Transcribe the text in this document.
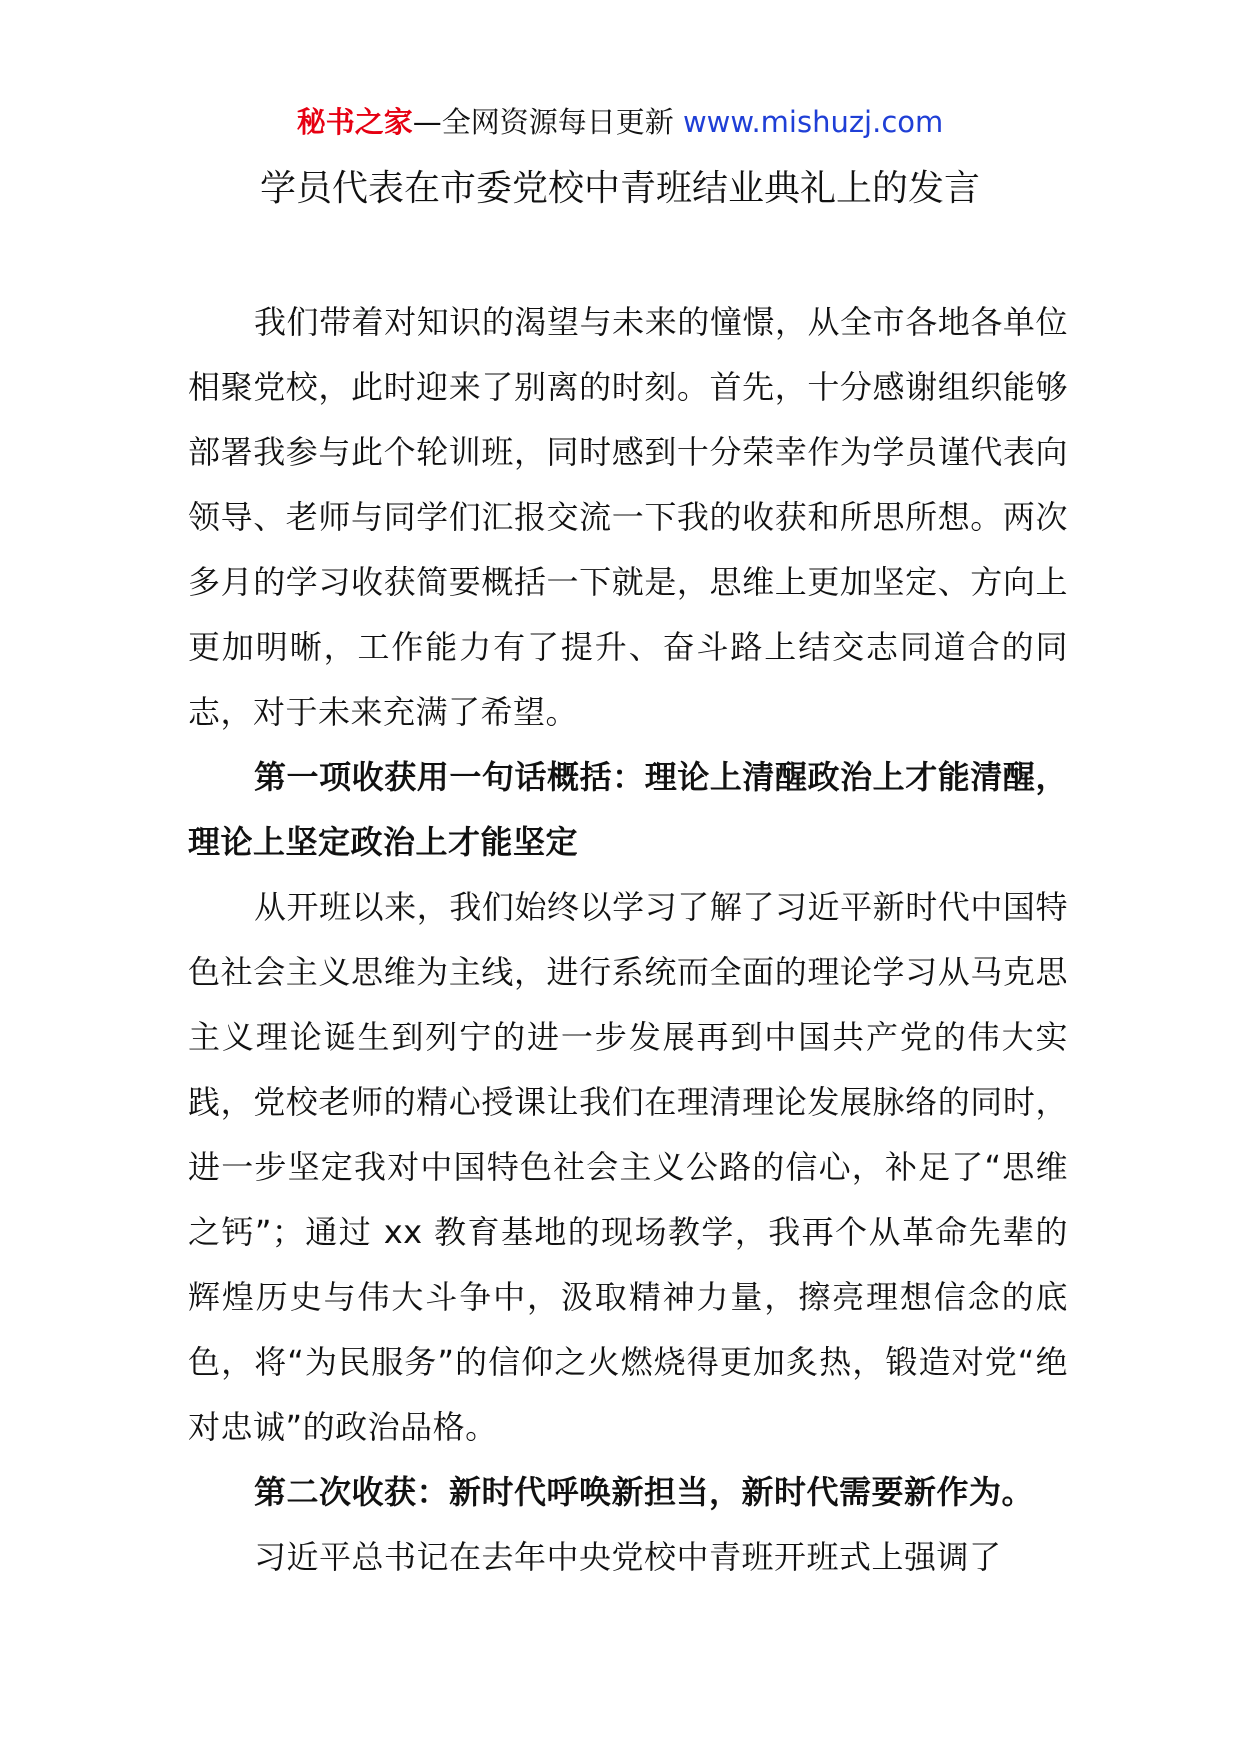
秘书之家—全网资源每日更新 www.mishuzj.com
学员代表在市委党校中青班结业典礼上的发言

我们带着对知识的渴望与未来的憧憬，从全市各地各单位相聚党校，此时迎来了别离的时刻。首先，十分感谢组织能够部署我参与此个轮训班，同时感到十分荣幸作为学员谨代表向领导、老师与同学们汇报交流一下我的收获和所思所想。两次多月的学习收获简要概括一下就是，思维上更加坚定、方向上更加明晰，工作能力有了提升、奋斗路上结交志同道合的同志，对于未来充满了希望。

第一项收获用一句话概括：理论上清醒政治上才能清醒，理论上坚定政治上才能坚定

从开班以来，我们始终以学习了解了习近平新时代中国特色社会主义思维为主线，进行系统而全面的理论学习从马克思主义理论诞生到列宁的进一步发展再到中国共产党的伟大实践，党校老师的精心授课让我们在理清理论发展脉络的同时，进一步坚定我对中国特色社会主义公路的信心，补足了“思维之钙”；通过 xx 教育基地的现场教学，我再个从革命先辈的辉煌历史与伟大斗争中，汲取精神力量，擦亮理想信念的底色，将“为民服务”的信仰之火燃烧得更加炙热，锻造对党“绝对忠诚”的政治品格。

第二次收获：新时代呼唤新担当，新时代需要新作为。

习近平总书记在去年中央党校中青班开班式上强调了
